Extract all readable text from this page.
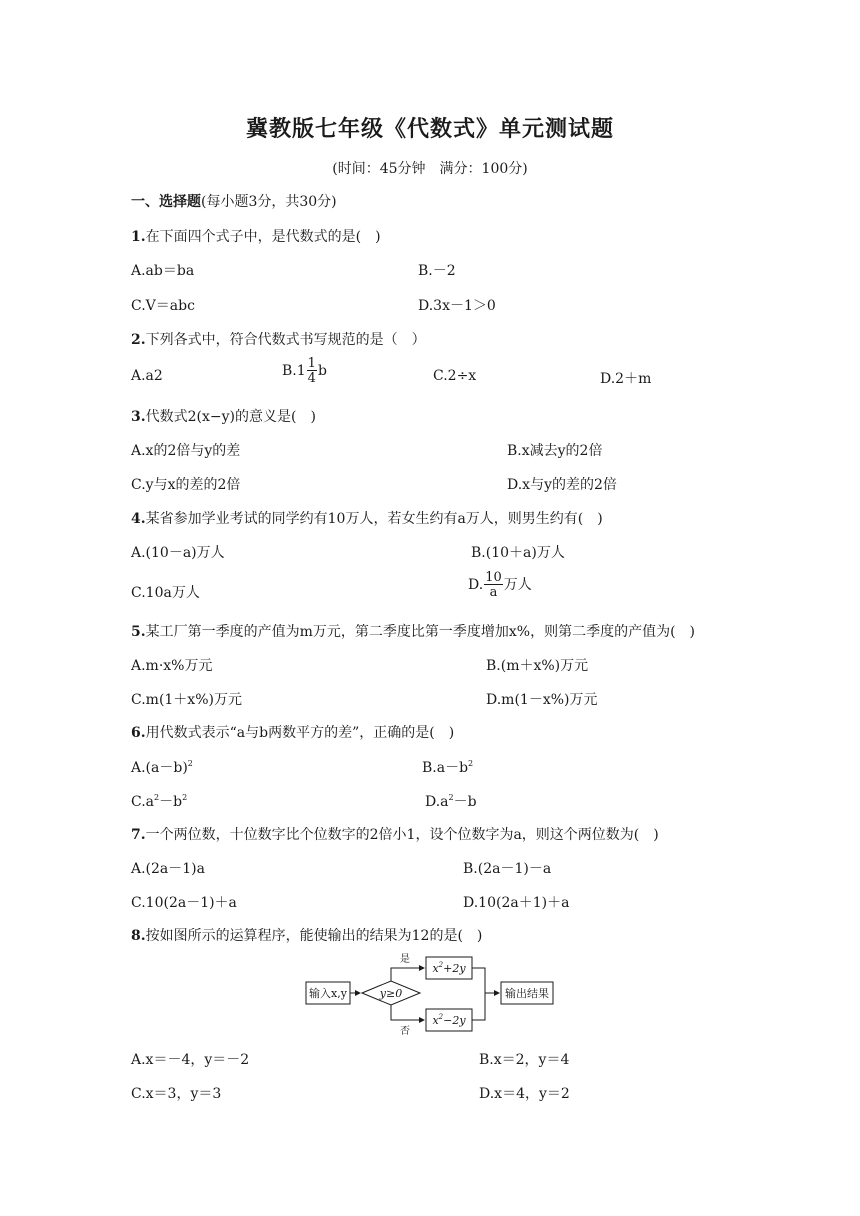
冀教版七年级《代数式》单元测试题
(时间：45分钟　满分：100分)
一、选择题(每小题3分，共30分)
1.在下面四个式子中，是代数式的是(　)
A.ab＝ba	B.－2
C.V＝abc	D.3x－1＞0
2.下列各式中，符合代数式书写规范的是（　）
A.a2	$B.1 \frac{1}{4}$ b	C.2÷x	D.2＋m
3.代数式2(x−y)的意义是(　)
A.x的2倍与y的差	B.x减去y的2倍
C.y与x的差的2倍	D.x与y的差的2倍
4.某省参加学业考试的同学约有10万人，若女生约有a万人，则男生约有(　)
A.(10－a)万人	B.(10＋a)万人
C.10a万人	D. $\frac{10}{a}$ 万人
5.某工厂第一季度的产值为m万元，第二季度比第一季度增加x%，则第二季度的产值为(　)
A.m·x%万元	B.(m＋x%)万元
C.m(1＋x%)万元	D.m(1－x%)万元
6.用代数式表示“a与b两数平方的差”，正确的是(　)
$A.(a-b)^2$	$B.a-b^2$
$C.a^2-b^2$	$D.a^2-b$
7.一个两位数，十位数字比个位数字的2倍小1，设个位数字为a，则这个两位数为(　)
A.(2a－1)a	B.(2a－1)－a
C.10(2a－1)＋a	D.10(2a＋1)＋a
8.按如图所示的运算程序，能使输出的结果为12的是(　)
输入x,y	y≥0
是
否
$x^2+2y$
$x^2-2y$
输出结果
A.x＝－4，y＝－2	B.x＝2，y＝4
C.x＝3，y＝3	D.x＝4，y＝2
